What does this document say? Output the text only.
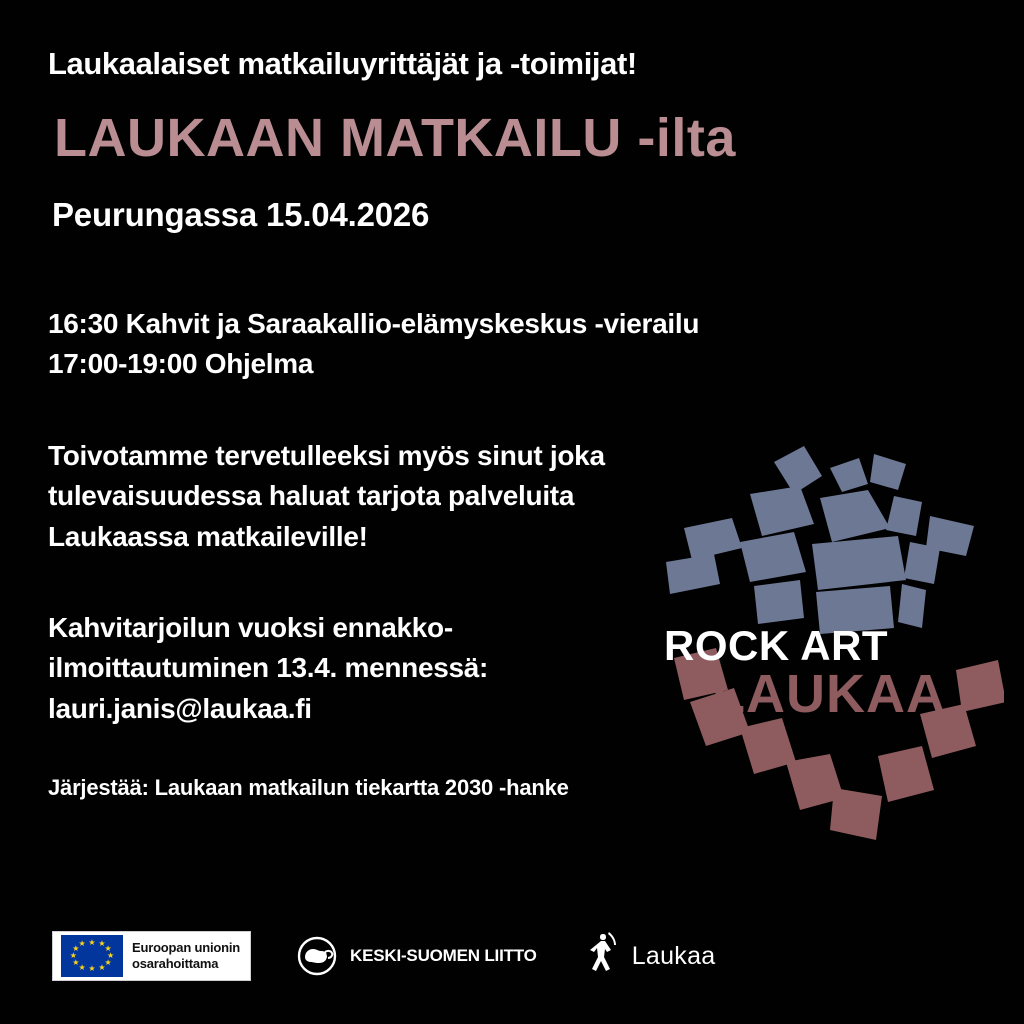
Laukaalaiset matkailuyrittäjät ja -toimijat!

LAUKAAN MATKAILU -ilta

Peurungassa 15.04.2026

16:30 Kahvit ja Saraakallio-elämyskeskus -vierailu
17:00-19:00 Ohjelma
Toivotamme tervetulleeksi myös sinut joka
tulevaisuudessa haluat tarjota palveluita
Laukaassa matkaileville!
Kahvitarjoilun vuoksi ennakko-
ilmoittautuminen 13.4. mennessä:
lauri.janis@laukaa.fi
Järjestää: Laukaan matkailun tiekartta 2030 -hanke
ROCK ART
LAUKAA
★ ★
★
★
★
★
★
★
★
★
★
★	Euroopan unionin
osarahoittama	KESKI-SUOMEN LIITTO	Laukaa
